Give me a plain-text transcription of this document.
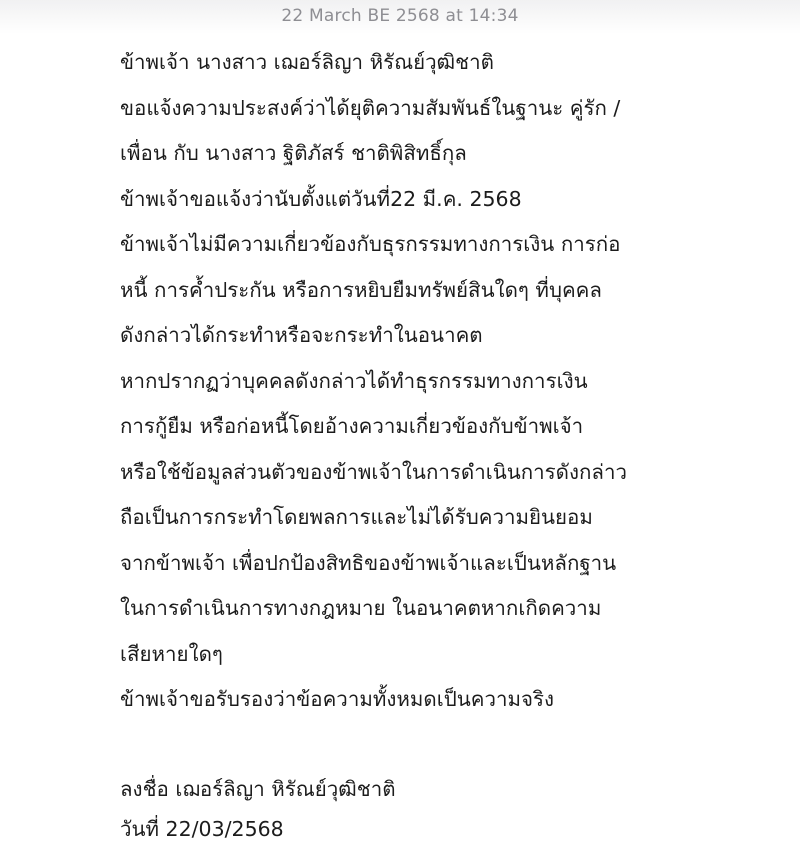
22 March BE 2568 at 14:34
ข้าพเจ้า นางสาว เฌอร์ลิญา หิรัณย์วุฒิชาติ
ขอแจ้งความประสงค์ว่าได้ยุติความสัมพันธ์ในฐานะ คู่รัก /
เพื่อน กับ นางสาว ฐิติภัสร์ ชาติพิสิทธิ์กุล
ข้าพเจ้าขอแจ้งว่านับตั้งแต่วันที่22 มี.ค. 2568
ข้าพเจ้าไม่มีความเกี่ยวข้องกับธุรกรรมทางการเงิน การก่อ
หนี้ การค้ำประกัน หรือการหยิบยืมทรัพย์สินใดๆ ที่บุคคล
ดังกล่าวได้กระทำหรือจะกระทำในอนาคต
หากปรากฏว่าบุคคลดังกล่าวได้ทำธุรกรรมทางการเงิน
การกู้ยืม หรือก่อหนี้โดยอ้างความเกี่ยวข้องกับข้าพเจ้า
หรือใช้ข้อมูลส่วนตัวของข้าพเจ้าในการดำเนินการดังกล่าว
ถือเป็นการกระทำโดยพลการและไม่ได้รับความยินยอม
จากข้าพเจ้า เพื่อปกป้องสิทธิของข้าพเจ้าและเป็นหลักฐาน
ในการดำเนินการทางกฎหมาย ในอนาคตหากเกิดความ
เสียหายใดๆ
ข้าพเจ้าขอรับรองว่าข้อความทั้งหมดเป็นความจริง
ลงชื่อ เฌอร์ลิญา หิรัณย์วุฒิชาติ
วันที่ 22/03/2568
